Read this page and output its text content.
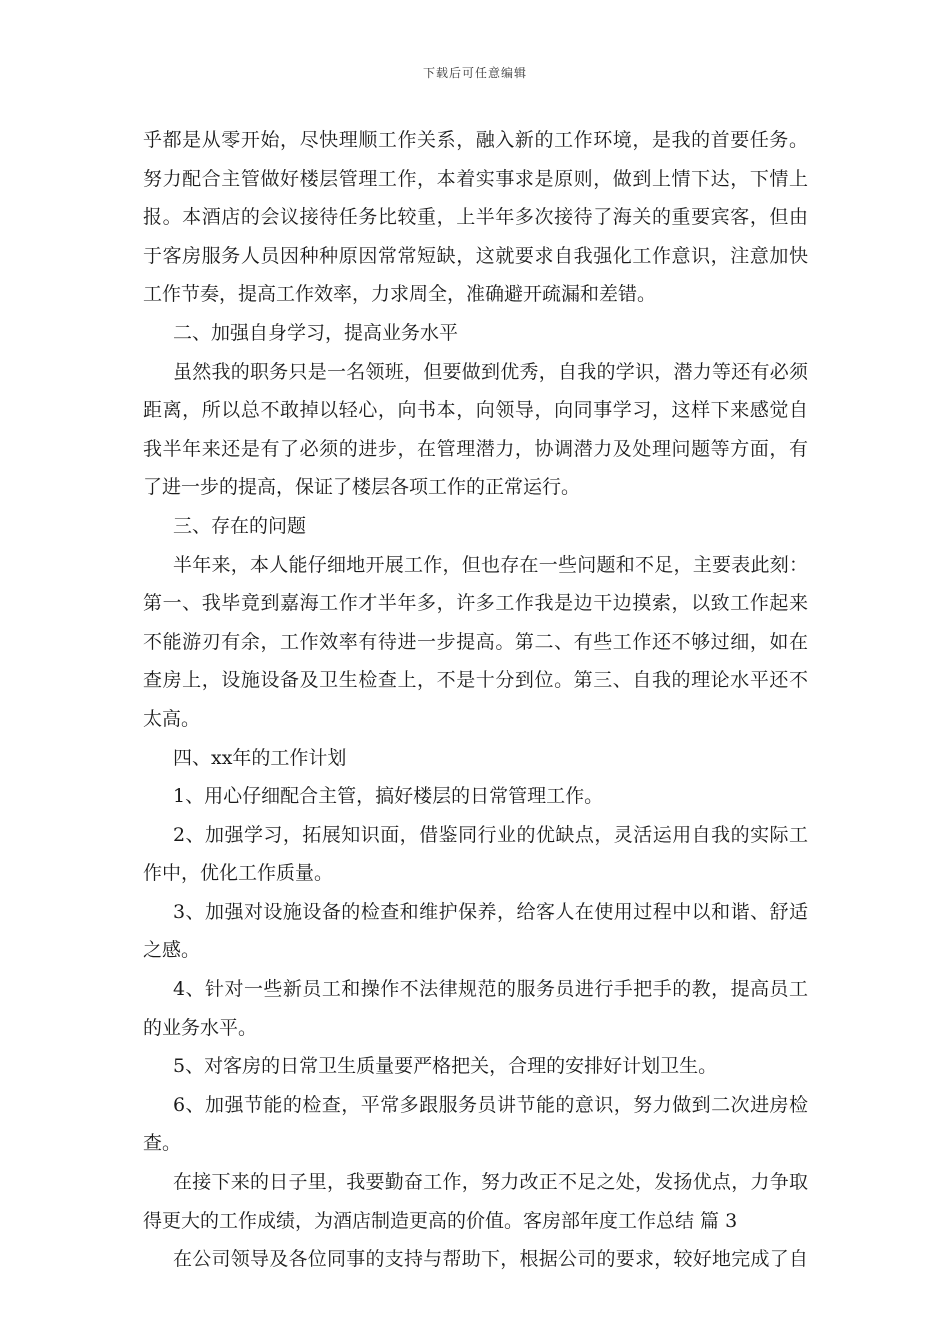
下载后可任意编辑
乎都是从零开始，尽快理顺工作关系，融入新的工作环境，是我的首要任务。
努力配合主管做好楼层管理工作，本着实事求是原则，做到上情下达，下情上
报。本酒店的会议接待任务比较重，上半年多次接待了海关的重要宾客，但由
于客房服务人员因种种原因常常短缺，这就要求自我强化工作意识，注意加快
工作节奏，提高工作效率，力求周全，准确避开疏漏和差错。
二、加强自身学习，提高业务水平
虽然我的职务只是一名领班，但要做到优秀，自我的学识，潜力等还有必须
距离，所以总不敢掉以轻心，向书本，向领导，向同事学习，这样下来感觉自
我半年来还是有了必须的进步，在管理潜力，协调潜力及处理问题等方面，有
了进一步的提高，保证了楼层各项工作的正常运行。
三、存在的问题
半年来，本人能仔细地开展工作，但也存在一些问题和不足，主要表此刻：
第一、我毕竟到嘉海工作才半年多，许多工作我是边干边摸索，以致工作起来
不能游刃有余，工作效率有待进一步提高。第二、有些工作还不够过细，如在
查房上，设施设备及卫生检查上，不是十分到位。第三、自我的理论水平还不
太高。
四、xx年的工作计划
1、用心仔细配合主管，搞好楼层的日常管理工作。
2、加强学习，拓展知识面，借鉴同行业的优缺点，灵活运用自我的实际工
作中，优化工作质量。
3、加强对设施设备的检查和维护保养，给客人在使用过程中以和谐、舒适
之感。
4、针对一些新员工和操作不法律规范的服务员进行手把手的教，提高员工
的业务水平。
5、对客房的日常卫生质量要严格把关，合理的安排好计划卫生。
6、加强节能的检查，平常多跟服务员讲节能的意识，努力做到二次进房检
查。
在接下来的日子里，我要勤奋工作，努力改正不足之处，发扬优点，力争取
得更大的工作成绩，为酒店制造更高的价值。客房部年度工作总结 篇 3
在公司领导及各位同事的支持与帮助下，根据公司的要求，较好地完成了自
